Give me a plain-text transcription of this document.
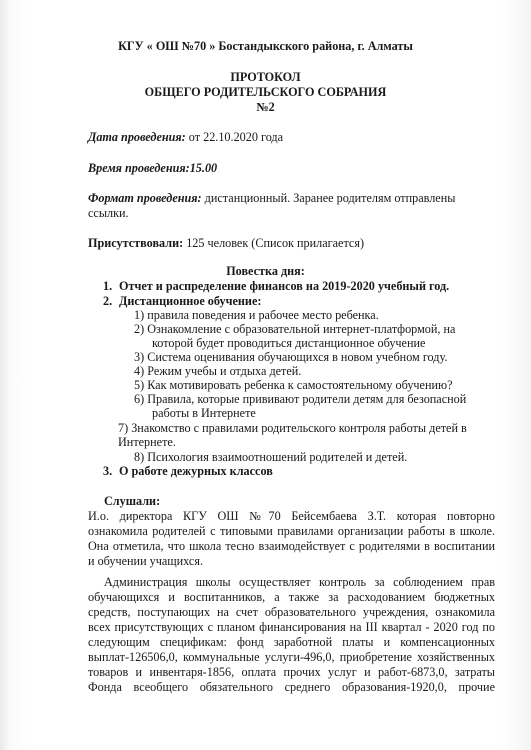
КГУ « ОШ №70 » Бостандыкского района, г. Алматы
ПРОТОКОЛ
ОБЩЕГО РОДИТЕЛЬСКОГО СОБРАНИЯ
№2
Дата проведения: от 22.10.2020 года
Время проведения:15.00
Формат проведения: дистанционный. Заранее родителям отправлены
ссылки.
Присутствовали: 125 человек (Список прилагается)
Повестка дня:
1. Отчет и распределение финансов на 2019-2020 учебный год.
2. Дистанционное обучение:
1) правила поведения и рабочее место ребенка.
2) Ознакомление с образовательной интернет-платформой, на
которой будет проводиться дистанционное обучение
3) Система оценивания обучающихся в новом учебном году.
4) Режим учебы и отдыха детей.
5) Как мотивировать ребенка к самостоятельному обучению?
6) Правила, которые прививают родители детям для безопасной
работы в Интернете
7) Знакомство с правилами родительского контроля работы детей в
Интернете.
8) Психология взаимоотношений родителей и детей.
3. О работе дежурных классов
Слушали:
И.о. директора КГУ ОШ №70 Бейсембаева З.Т. которая повторно
ознакомила родителей с типовыми правилами организации работы в школе.
Она отметила, что школа тесно взаимодействует с родителями в воспитании
и обучении учащихся.
Администрация школы осуществляет контроль за соблюдением прав
обучающихся и воспитанников, а также за расходованием бюджетных
средств, поступающих на счет образовательного учреждения, ознакомила
всех присутствующих с планом финансирования на III квартал - 2020 год по
следующим спецификам: фонд заработной платы и компенсационных
выплат-126506,0, коммунальные услуги-496,0, приобретение хозяйственных
товаров и инвентаря-1856, оплата прочих услуг и работ-6873,0, затраты
Фонда всеобщего обязательного среднего образования-1920,0, прочие
